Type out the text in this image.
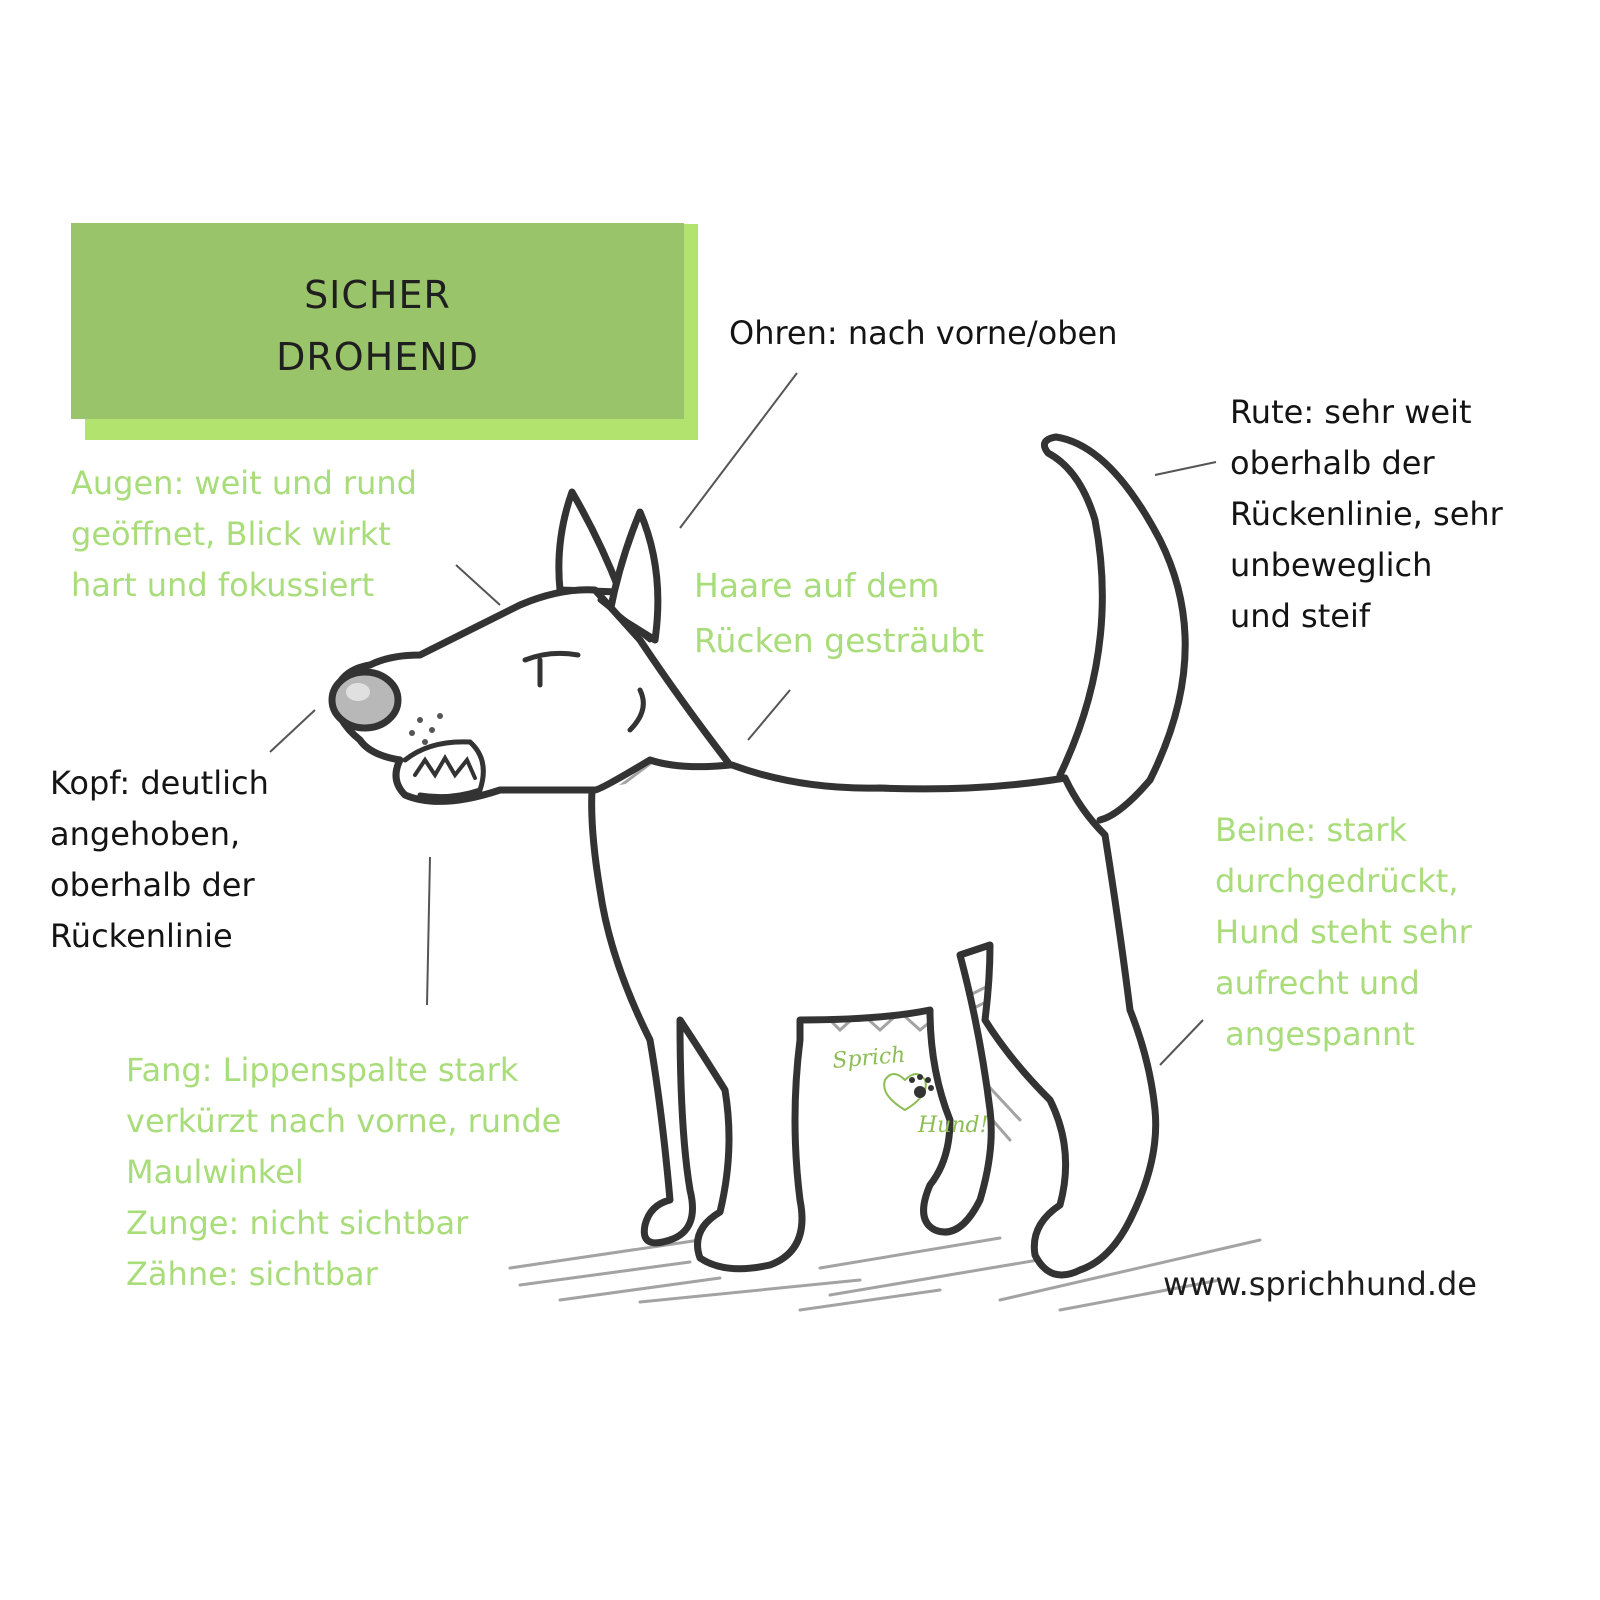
Sprich
Hund!
SICHER
DROHEND
Ohren: nach vorne/oben
Rute: sehr weit
oberhalb der
Rückenlinie, sehr
unbeweglich
und steif
Augen: weit und rund
geöffnet, Blick wirkt
hart und fokussiert	Haare auf dem
Rücken gesträubt
Kopf: deutlich
angehoben,
oberhalb der
Rückenlinie
Beine: stark
durchgedrückt,
Hund steht sehr
aufrecht und
angespannt
Fang: Lippenspalte stark
verkürzt nach vorne, runde
Maulwinkel
Zunge: nicht sichtbar
Zähne: sichtbar	www.sprichhund.de
